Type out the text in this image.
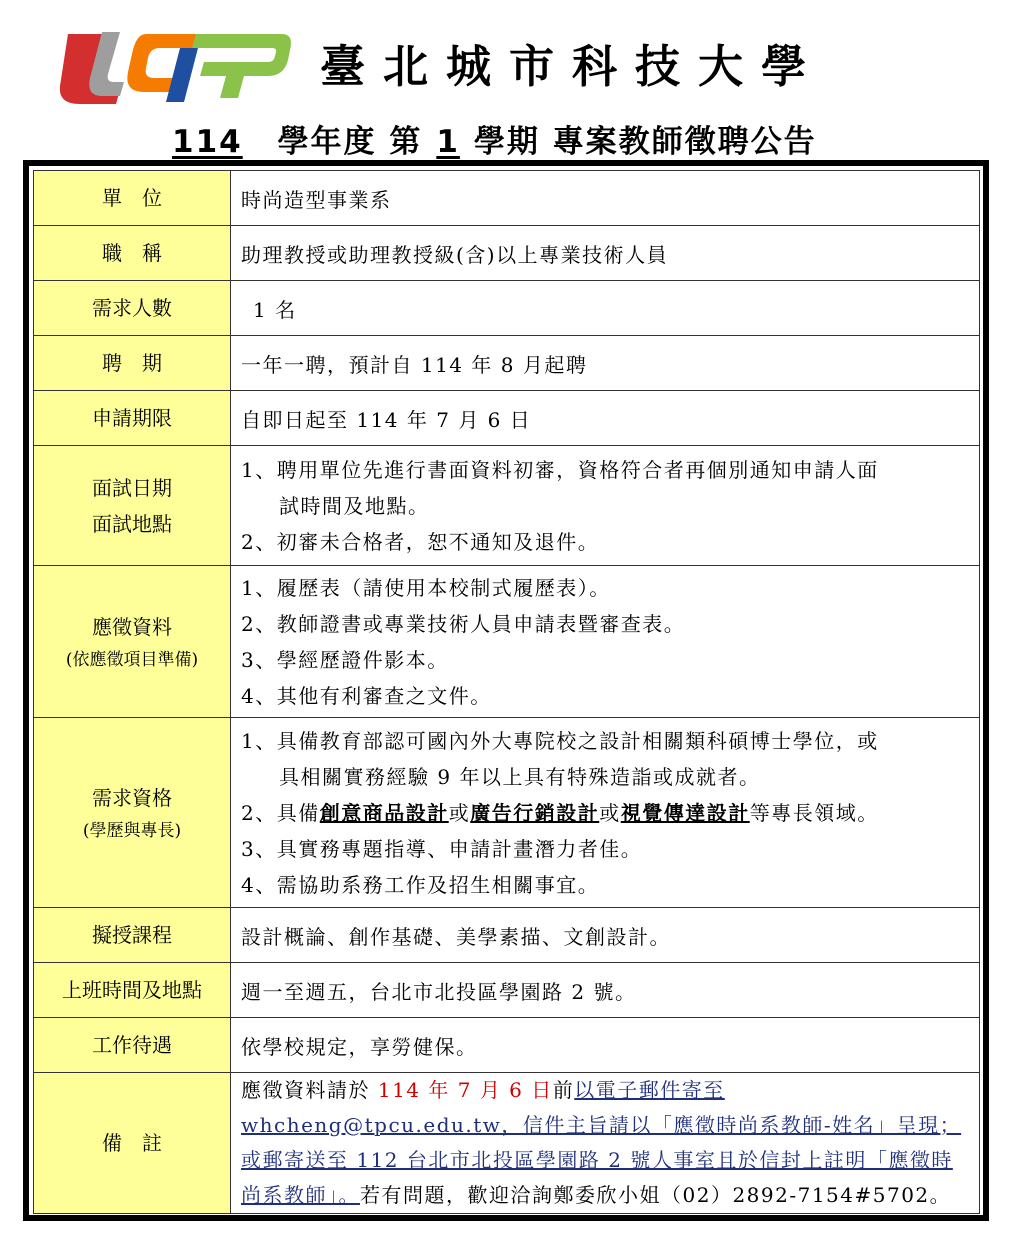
臺北城市科技大學
114 學年度 第 1 學期 專案教師徵聘公告
單　位	時尚造型事業系
職　稱	助理教授或助理教授級(含)以上專業技術人員
需求人數	1 名
聘　期	一年一聘，預計自 114 年 8 月起聘
申請期限	自即日起至 114 年 7 月 6 日

面試日期
面試地點	1、聘用單位先進行書面資料初審，資格符合者再個別通知申請人面
試時間及地點。
2、初審未合格者，恕不通知及退件。

應徵資料
(依應徵項目準備)	1、履歷表（請使用本校制式履歷表）。
2、教師證書或專業技術人員申請表暨審查表。
3、學經歷證件影本。
4、其他有利審查之文件。

需求資格
(學歷與專長)	1、具備教育部認可國內外大專院校之設計相關類科碩博士學位，或
具相關實務經驗 9 年以上具有特殊造詣或成就者。
2、具備創意商品設計或廣告行銷設計或視覺傳達設計等專長領域。
3、具實務專題指導、申請計畫潛力者佳。
4、需協助系務工作及招生相關事宜。

擬授課程	設計概論、創作基礎、美學素描、文創設計。
上班時間及地點	週一至週五，台北市北投區學園路 2 號。
工作待遇	依學校規定，享勞健保。
備　註	應徵資料請於 114 年 7 月 6 日前以電子郵件寄至 whcheng@tpcu.edu.tw，信件主旨請以「應徵時尚系教師-姓名」呈現；或郵寄送至 112 台北市北投區學園路 2 號人事室且於信封上註明「應徵時尚系教師」。若有問題，歡迎洽詢鄭委欣小姐（02）2892-7154#5702。
